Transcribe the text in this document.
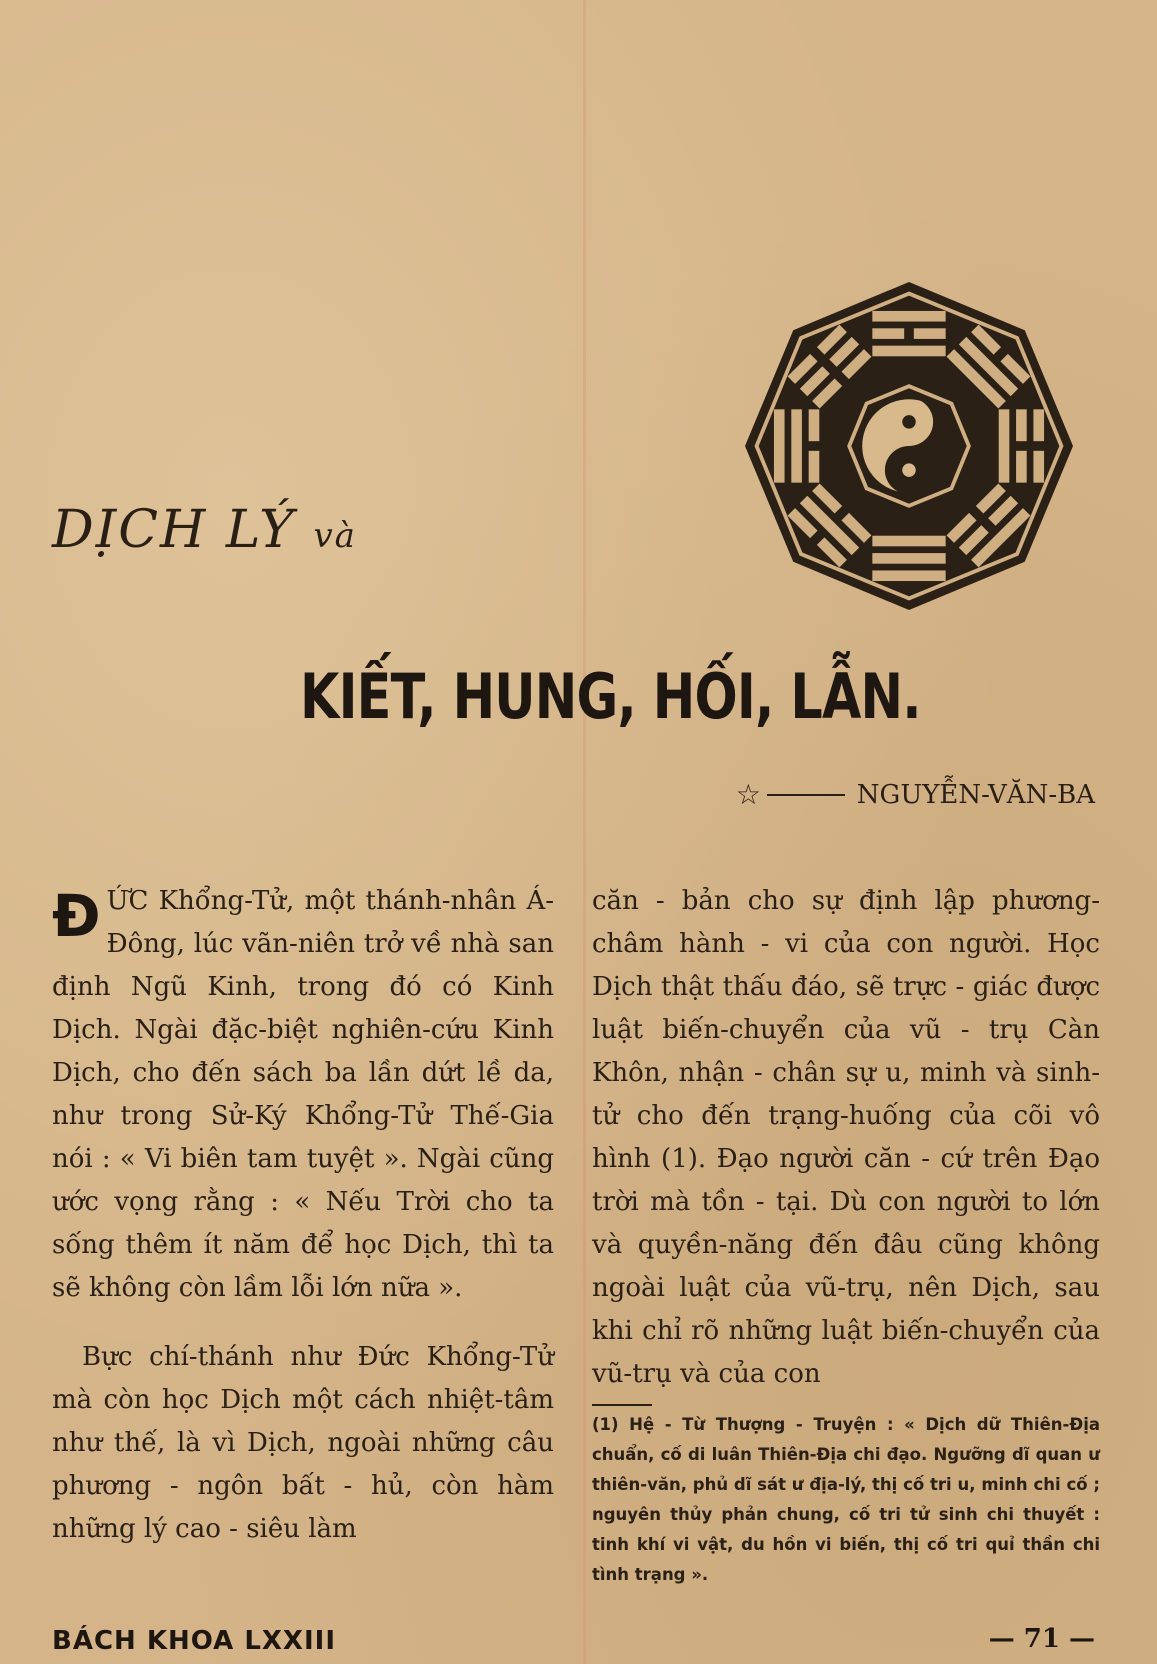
DỊCH LÝ và
KIẾT, HUNG, HỐI, LẪN.
☆	NGUYỄN-VĂN-BA

ĐỨC Khổng-Tử, một thánh-nhân Á-Đông, lúc vãn-niên trở về nhà san định Ngũ Kinh, trong đó có Kinh Dịch. Ngài đặc-biệt nghiên-cứu Kinh Dịch, cho đến sách ba lần dứt lề da, như trong Sử-Ký Khổng-Tử Thế-Gia nói : « Vi biên tam tuyệt ». Ngài cũng ước vọng rằng : « Nếu Trời cho ta sống thêm ít năm để học Dịch, thì ta sẽ không còn lầm lỗi lớn nữa ».

Bực chí-thánh như Đức Khổng-Tử mà còn học Dịch một cách nhiệt-tâm như thế, là vì Dịch, ngoài những câu phương - ngôn bất - hủ, còn hàm những lý cao - siêu làm

căn - bản cho sự định lập phương-châm hành - vi của con người. Học Dịch thật thấu đáo, sẽ trực - giác được luật biến-chuyển của vũ - trụ Càn Khôn, nhận - chân sự u, minh và sinh-tử cho đến trạng-huống của cõi vô hình (1). Đạo người căn - cứ trên Đạo trời mà tồn - tại. Dù con người to lớn và quyền-năng đến đâu cũng không ngoài luật của vũ-trụ, nên Dịch, sau khi chỉ rõ những luật biến-chuyển của vũ-trụ và của con

(1) Hệ - Từ Thượng - Truyện : « Dịch dữ Thiên-Địa chuẩn, cố di luân Thiên-Địa chi đạo. Ngưỡng dĩ quan ư thiên-văn, phủ dĩ sát ư địa-lý, thị cố tri u, minh chi cố ; nguyên thủy phản chung, cố tri tử sinh chi thuyết : tinh khí vi vật, du hồn vi biến, thị cố tri quỉ thần chi tình trạng ».

BÁCH KHOA LXXIII	— 71 —
